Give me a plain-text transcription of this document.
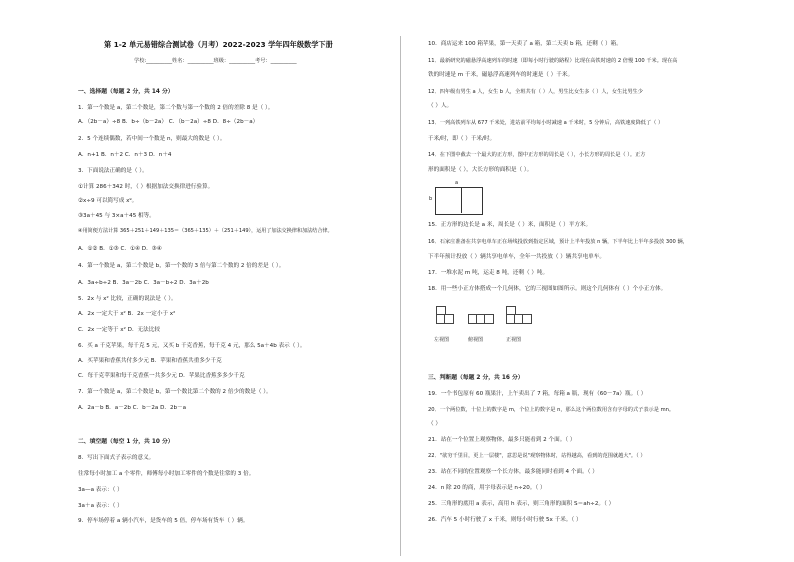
第 1-2 单元易错综合测试卷（月考）2022-2023 学年四年级数学下册
学校:__________姓名：__________班级：__________考号：__________
一、选择题（每题 2 分，共 14 分）
1．第一个数是 a，第二个数是，第二个数与第一个数的 2 倍的差除 8 是（ ）。
A．（2b－a）÷8 B．b÷（b－2a） C．（b－2a）÷8 D．8÷（2b－a）
2．5 个连续偶数，若中间一个数是 n，则最大的数是（ ）。
A．n+1 B．n＋2 C．n＋3 D．n＋4
3．下面说法正确的是（ ）。
①计算 286＋342 时，（ ）根据加法交换律进行验算。
②x÷9 可以简写成 x⁹。
③3a＋45 与 3×a＋45 相等。
④用简便方法计算 365＋251＋149＋135＝（365＋135）＋（251＋149），运用了加法交换律和加法结合律。
A．①② B．①③ C．①④ D．③④
4．第一个数是 a，第二个数是 b，第一个数的 3 倍与第二个数的 2 倍的差是（ ）。
A．3a÷b÷2 B．3a－2b C．3a－b÷2 D．3a＋2b
5．2x 与 x² 比较，正确的说法是（ ）。
A．2x 一定大于 x² B．2x 一定小于 x²
C．2x 一定等于 x² D．无法比较
6．买 a 千克苹果，每千克 5 元，又买 b 千克香蕉，每千克 4 元，那么 5a＋4b 表示（ ）。
A．买苹果和香蕉共付多少元 B．苹果和香蕉共重多少千克
C．每千克苹果和每千克香蕉一共多少元 D．苹果比香蕉多多少千克
7．第一个数是 a，第二个数是 b，第一个数比第二个数的 2 倍少的数是（ ）。
A．2a－b B．a－2b C．b－2a D．2b－a
二、填空题（每空 1 分，共 10 分）
8．写出下面式子表示的意义。
往常每小时加工 a 个零件，师傅每小时加工零件的个数是往常的 3 倍。
3a—a 表示：（ ）
3a＋a 表示：（ ）
9．停车场停着 a 辆小汽车，是货车的 5 倍，停车场有货车（ ）辆。
10．商店运来 100 箱苹果，第一天卖了 a 箱，第二天卖 b 箱，还剩（ ）箱。
11．最新研究的磁悬浮高速列车的时速（即每小时行驶的路程）比现在高铁时速的 2 倍慢 100 千米。现在高
铁的时速是 m 千米，磁悬浮高速列车的时速是（ ）千米。
12．四年级有男生 a 人，女生 b 人，全班共有（ ）人，男生比女生多（ ）人，女生比男生少
（ ）人。
13．一列高铁列车从 677 千米处，进站前平均每小时减速 a 千米时，5 分钟后，高铁速度降低了（ ）
千米/时，即（ ）千米/时。
14．在下图中截去一个最大的正方形，图中正方形的周长是（ ），小长方形的周长是（ ）。正方
形的面积是（ ），大长方形的面积是（ ）。
a
b
15．正方形的边长是 a 米，周长是（ ）米，面积是（ ）平方米。
16．石家庄准备在共享电单车正在场线投放到指定区域，预计上半年投放 n 辆，下半年比上半年多投放 300 辆，
下半年预计投放（ ）辆共享电单车，全年一共投放（ ）辆共享电单车。
17．一堆水泥 m 吨，运走 8 吨，还剩（ ）吨。
18．用一些小正方体搭成一个几何体，它的三视图如图所示。则这个几何体有（ ）个小正方体。
左视图	俯视图	正视图
三、判断题（每题 2 分，共 16 分）
19．一个书包原有 60 瓶果汁，上午卖出了 7 箱，每箱 a 瓶，现有（60－7a）瓶。（ ）
20．一个两位数，十位上的数字是 m，个位上的数字是 n，那么这个两位数用含有字母的式子表示是 mn。
（ ）
21．站在一个位置上观察物体，最多只能看到 2 个面。（ ）
22．"欲穷千里目，更上一层楼"，意思是说"观察物体时，站得越高，看到的范围就越大"。（ ）
23．站在不同的位置观察一个长方体，最多能同时看到 4 个面。（ ）
24．n 除 20 的商，用字母表示是 n÷20。（ ）
25．三角形的底用 a 表示，高用 h 表示，则三角形的面积 S＝ah÷2。（ ）
26．汽车 5 小时行驶了 x 千米，则每小时行驶 5x 千米。（ ）
